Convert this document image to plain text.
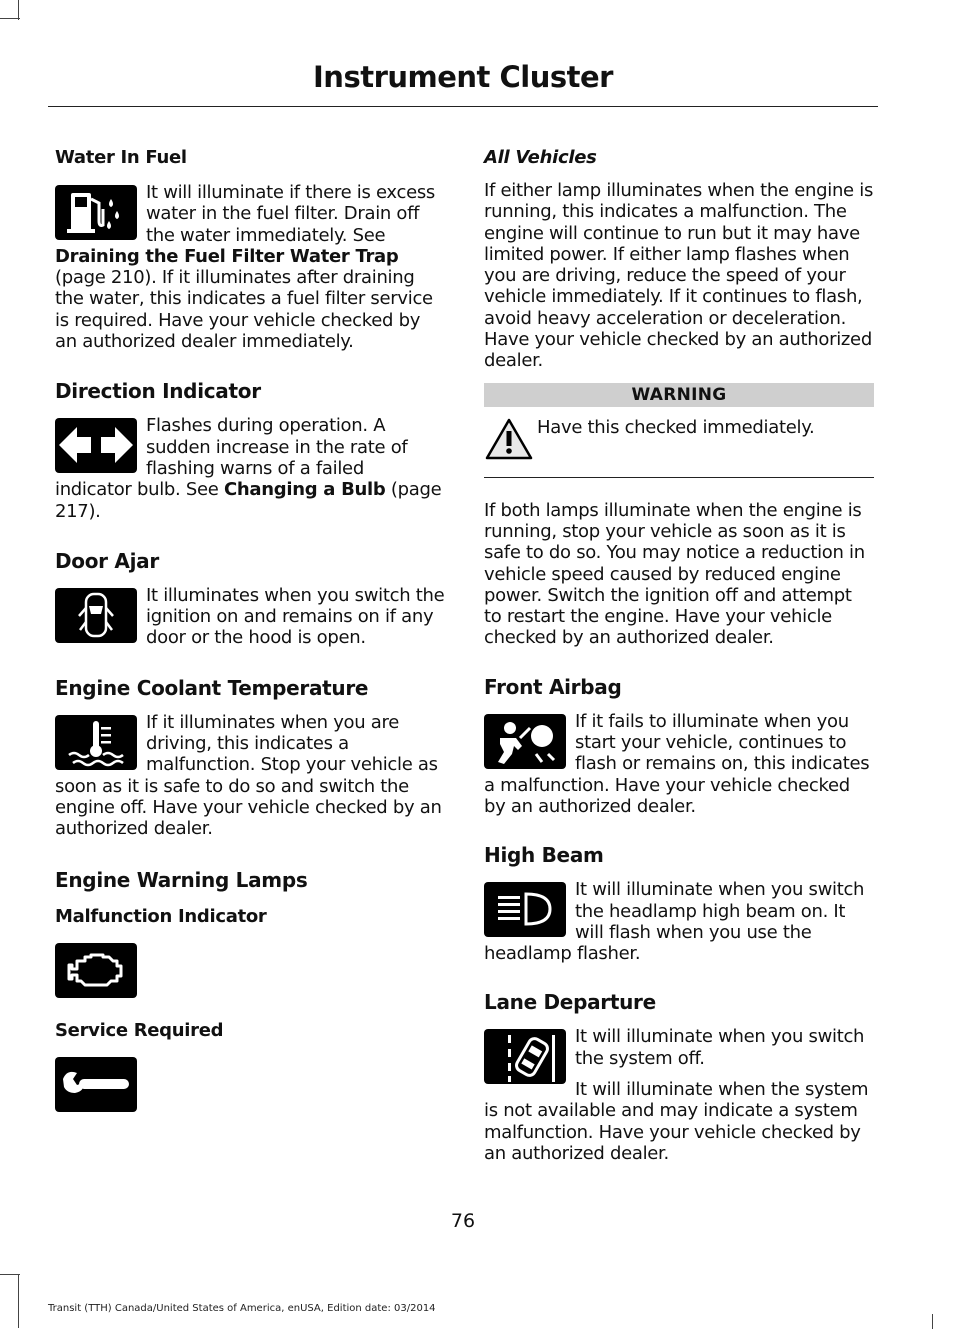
Instrument Cluster
Water In Fuel

It will illuminate if there is excess water in the fuel filter. Drain off the water immediately. See Draining the Fuel Filter Water Trap (page 210). If it illuminates after draining the water, this indicates a fuel filter service is required. Have your vehicle checked by an authorized dealer immediately.

Direction Indicator

Flashes during operation. A sudden increase in the rate of flashing warns of a failed indicator bulb. See Changing a Bulb (page 217).

Door Ajar

It illuminates when you switch the ignition on and remains on if any door or the hood is open.

Engine Coolant Temperature

If it illuminates when you are driving, this indicates a malfunction. Stop your vehicle as soon as it is safe to do so and switch the engine off. Have your vehicle checked by an authorized dealer.

Engine Warning Lamps
Malfunction Indicator
Service Required
All Vehicles

If either lamp illuminates when the engine is running, this indicates a malfunction. The engine will continue to run but it may have limited power. If either lamp flashes when you are driving, reduce the speed of your vehicle immediately. If it continues to flash, avoid heavy acceleration or deceleration. Have your vehicle checked by an authorized dealer.

WARNING
Have this checked immediately.

If both lamps illuminate when the engine is running, stop your vehicle as soon as it is safe to do so. You may notice a reduction in vehicle speed caused by reduced engine power. Switch the ignition off and attempt to restart the engine. Have your vehicle checked by an authorized dealer.

Front Airbag

If it fails to illuminate when you start your vehicle, continues to flash or remains on, this indicates a malfunction. Have your vehicle checked by an authorized dealer.

High Beam

It will illuminate when you switch the headlamp high beam on. It will flash when you use the headlamp flasher.

Lane Departure

It will illuminate when you switch the system off.

It will illuminate when the system is not available and may indicate a system malfunction. Have your vehicle checked by an authorized dealer.

76
Transit (TTH) Canada/United States of America, enUSA, Edition date: 03/2014
